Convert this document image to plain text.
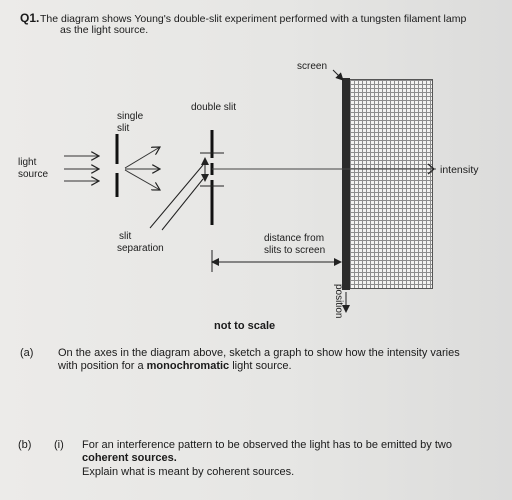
Q1. The diagram shows Young's double-slit experiment performed with a tungsten filament lamp
as the light source.
screen
double slit
single
slit
light
source	intensity
slit
separation
distance from
slits to screen
position
not to scale
(a) On the axes in the diagram above, sketch a graph to show how the intensity varies
with position for a monochromatic light source.
(b) (i) For an interference pattern to be observed the light has to be emitted by two
coherent sources.
Explain what is meant by coherent sources.
